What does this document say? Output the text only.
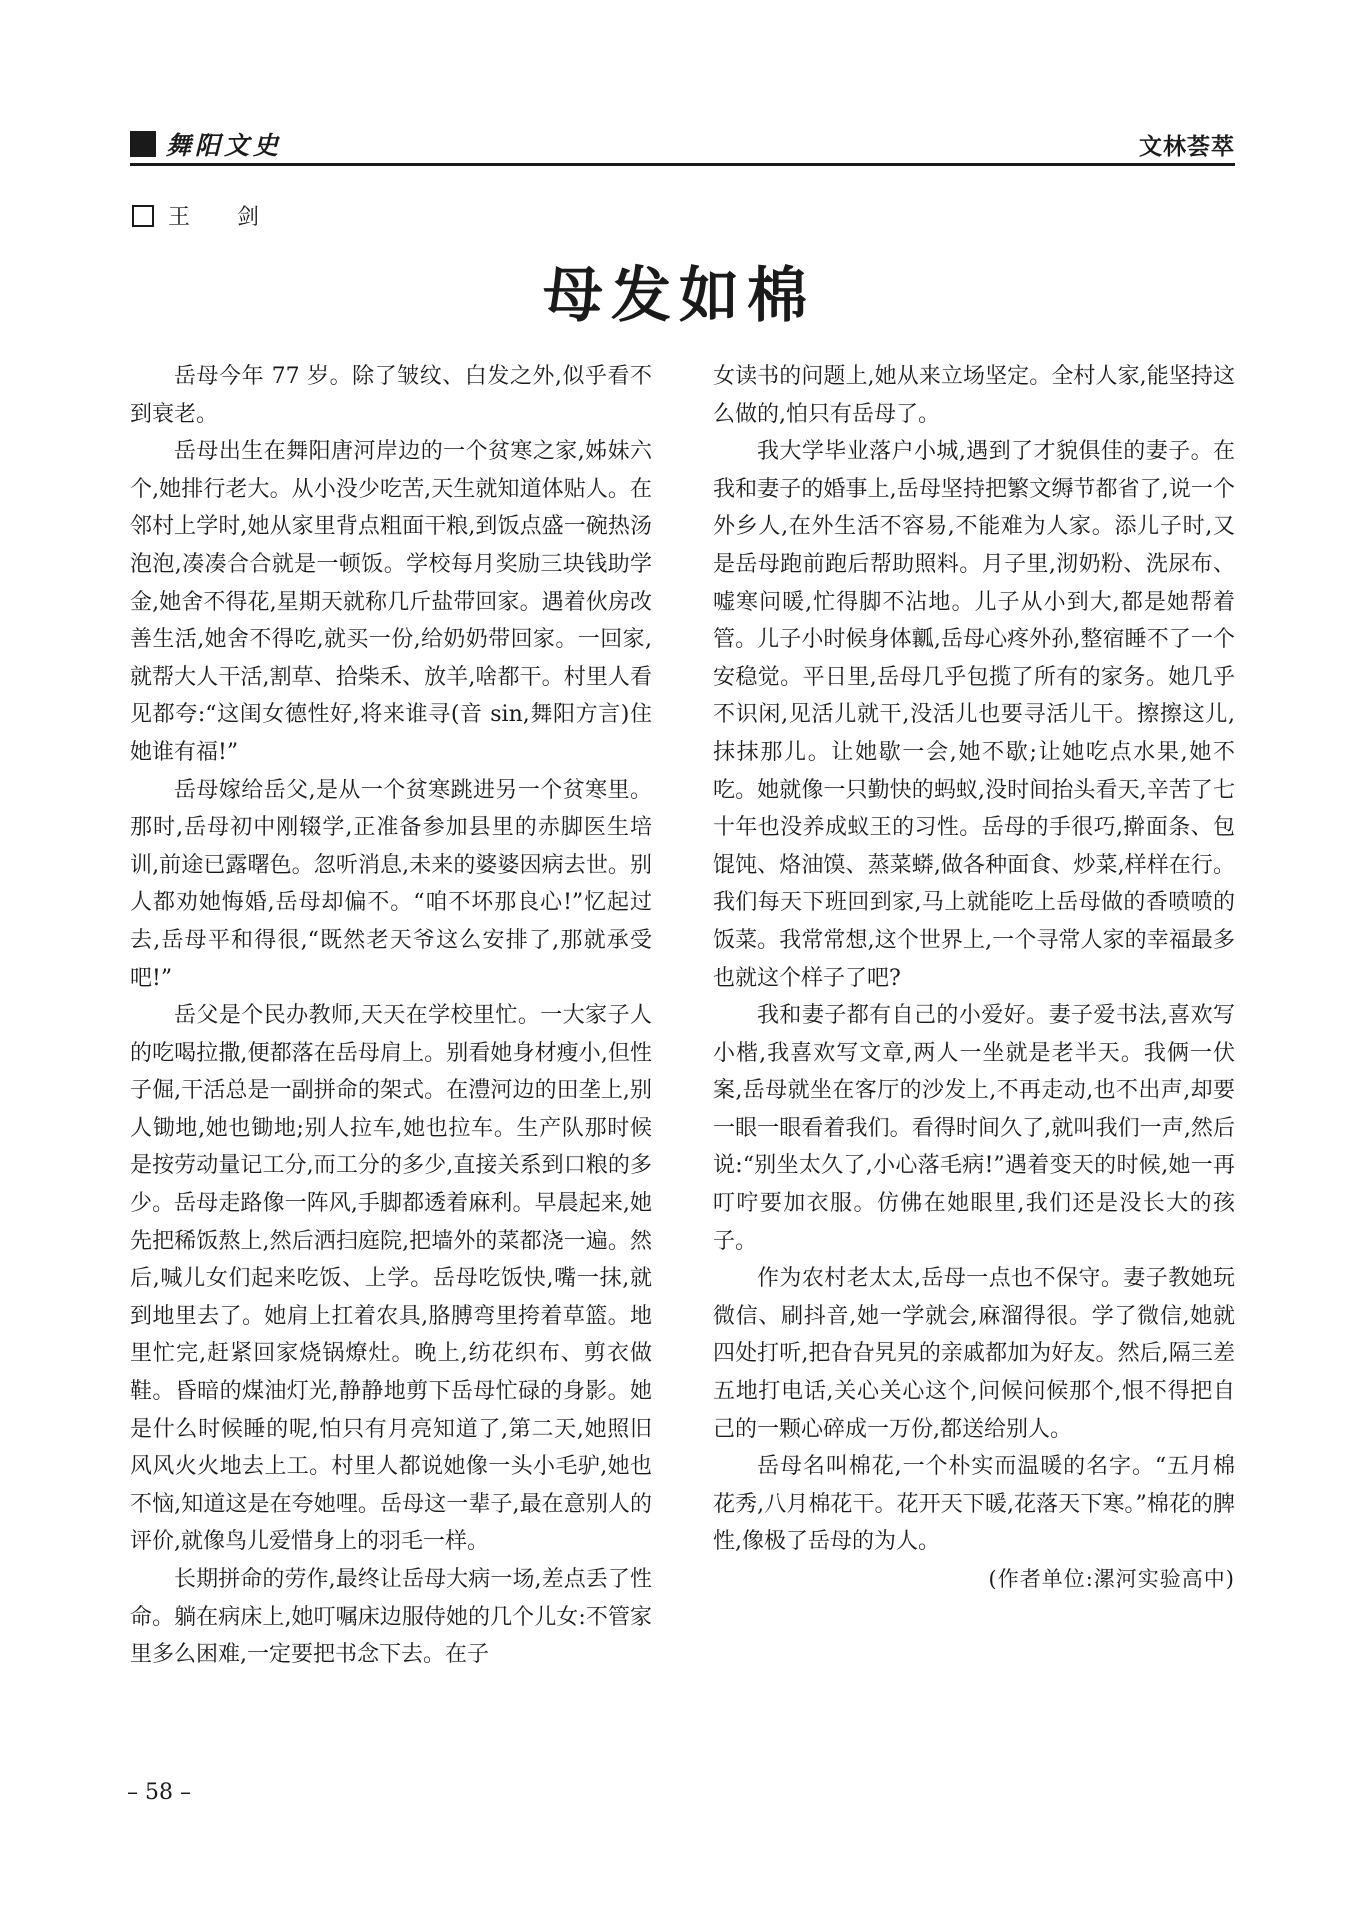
舞阳文史	文林荟萃
王 剑
母发如棉

岳母今年 77 岁。除了皱纹、白发之外,似乎看不到衰老。

岳母出生在舞阳唐河岸边的一个贫寒之家,姊妹六个,她排行老大。从小没少吃苦,天生就知道体贴人。在邻村上学时,她从家里背点粗面干粮,到饭点盛一碗热汤泡泡,凑凑合合就是一顿饭。学校每月奖励三块钱助学金,她舍不得花,星期天就称几斤盐带回家。遇着伙房改善生活,她舍不得吃,就买一份,给奶奶带回家。一回家,就帮大人干活,割草、拾柴禾、放羊,啥都干。村里人看见都夸:“这闺女德性好,将来谁寻(音 sin,舞阳方言)住她谁有福!”

岳母嫁给岳父,是从一个贫寒跳进另一个贫寒里。那时,岳母初中刚辍学,正准备参加县里的赤脚医生培训,前途已露曙色。忽听消息,未来的婆婆因病去世。别人都劝她悔婚,岳母却偏不。“咱不坏那良心!”忆起过去,岳母平和得很,“既然老天爷这么安排了,那就承受吧!”

岳父是个民办教师,天天在学校里忙。一大家子人的吃喝拉撒,便都落在岳母肩上。别看她身材瘦小,但性子倔,干活总是一副拼命的架式。在澧河边的田垄上,别人锄地,她也锄地;别人拉车,她也拉车。生产队那时候是按劳动量记工分,而工分的多少,直接关系到口粮的多少。岳母走路像一阵风,手脚都透着麻利。早晨起来,她先把稀饭熬上,然后洒扫庭院,把墙外的菜都浇一遍。然后,喊儿女们起来吃饭、上学。岳母吃饭快,嘴一抹,就到地里去了。她肩上扛着农具,胳膊弯里挎着草篮。地里忙完,赶紧回家烧锅燎灶。晚上,纺花织布、剪衣做鞋。昏暗的煤油灯光,静静地剪下岳母忙碌的身影。她是什么时候睡的呢,怕只有月亮知道了,第二天,她照旧风风火火地去上工。村里人都说她像一头小毛驴,她也不恼,知道这是在夸她哩。岳母这一辈子,最在意别人的评价,就像鸟儿爱惜身上的羽毛一样。

长期拼命的劳作,最终让岳母大病一场,差点丢了性命。躺在病床上,她叮嘱床边服侍她的几个儿女:不管家里多么困难,一定要把书念下去。在子

女读书的问题上,她从来立场坚定。全村人家,能坚持这么做的,怕只有岳母了。

我大学毕业落户小城,遇到了才貌俱佳的妻子。在我和妻子的婚事上,岳母坚持把繁文缛节都省了,说一个外乡人,在外生活不容易,不能难为人家。添儿子时,又是岳母跑前跑后帮助照料。月子里,沏奶粉、洗尿布、嘘寒问暖,忙得脚不沾地。儿子从小到大,都是她帮着管。儿子小时候身体瓤,岳母心疼外孙,整宿睡不了一个安稳觉。平日里,岳母几乎包揽了所有的家务。她几乎不识闲,见活儿就干,没活儿也要寻活儿干。擦擦这儿,抹抹那儿。让她歇一会,她不歇;让她吃点水果,她不吃。她就像一只勤快的蚂蚁,没时间抬头看天,辛苦了七十年也没养成蚁王的习性。岳母的手很巧,擀面条、包馄饨、烙油馍、蒸菜蟒,做各种面食、炒菜,样样在行。我们每天下班回到家,马上就能吃上岳母做的香喷喷的饭菜。我常常想,这个世界上,一个寻常人家的幸福最多也就这个样子了吧?

我和妻子都有自己的小爱好。妻子爱书法,喜欢写小楷,我喜欢写文章,两人一坐就是老半天。我俩一伏案,岳母就坐在客厅的沙发上,不再走动,也不出声,却要一眼一眼看着我们。看得时间久了,就叫我们一声,然后说:“别坐太久了,小心落毛病!”遇着变天的时候,她一再叮咛要加衣服。仿佛在她眼里,我们还是没长大的孩子。

作为农村老太太,岳母一点也不保守。妻子教她玩微信、刷抖音,她一学就会,麻溜得很。学了微信,她就四处打听,把旮旮旯旯的亲戚都加为好友。然后,隔三差五地打电话,关心关心这个,问候问候那个,恨不得把自己的一颗心碎成一万份,都送给别人。

岳母名叫棉花,一个朴实而温暖的名字。“五月棉花秀,八月棉花干。花开天下暖,花落天下寒。”棉花的脾性,像极了岳母的为人。

(作者单位:漯河实验高中)

– 58 –
